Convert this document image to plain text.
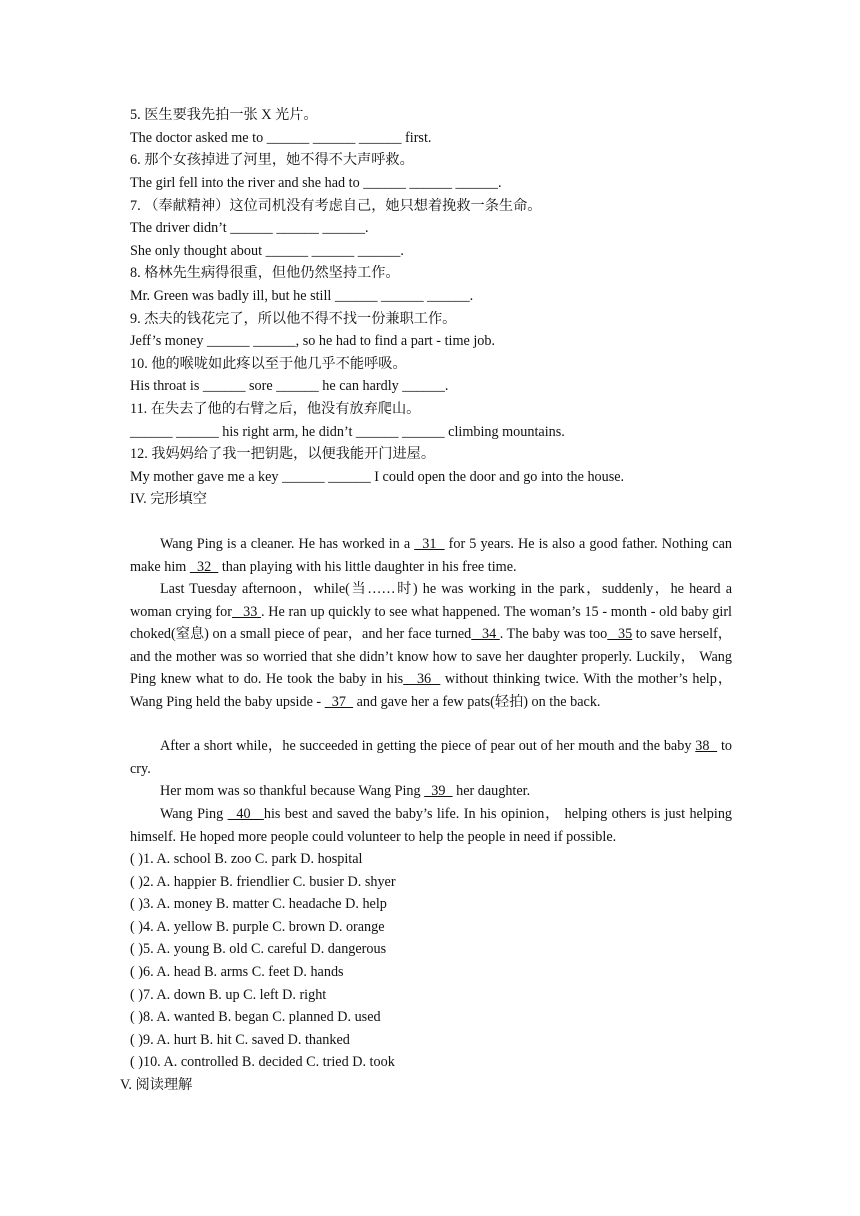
5. 医生要我先拍一张 X 光片。
The doctor asked me to ______ ______ ______ first.
6. 那个女孩掉进了河里，她不得不大声呼救。
The girl fell into the river and she had to ______ ______ ______.
7. （奉献精神）这位司机没有考虑自己，她只想着挽救一条生命。
The driver didn’t ______ ______ ______.
She only thought about ______ ______ ______.
8. 格林先生病得很重，但他仍然坚持工作。
Mr. Green was badly ill, but he still ______ ______ ______.
9. 杰夫的钱花完了，所以他不得不找一份兼职工作。
Jeff’s money ______ ______, so he had to find a part - time job.
10. 他的喉咙如此疼以至于他几乎不能呼吸。
His throat is ______ sore ______ he can hardly ______.
11. 在失去了他的右臂之后，他没有放弃爬山。
______ ______ his right arm, he didn’t ______ ______ climbing mountains.
12. 我妈妈给了我一把钥匙，以便我能开门进屋。
My mother gave me a key ______ ______ I could open the door and go into the house.
IV. 完形填空
Wang Ping is a cleaner. He has worked in a   31   for 5 years. He is also a good father. Nothing can make him   32   than playing with his little daughter in his free time.
Last Tuesday afternoon，while(当……时) he was working in the park，suddenly，he heard a woman crying for   33 . He ran up quickly to see what happened. The woman’s 15 - month - old baby girl choked(窒息) on a small piece of pear，and her face turned   34 . The baby was too   35 to save herself， and the mother was so worried that she didn’t know how to save her daughter properly. Luckily， Wang Ping knew what to do. He took the baby in his   36   without thinking twice. With the mother’s help， Wang Ping held the baby upside -   37   and gave her a few pats(轻拍) on the back.
After a short while，he succeeded in getting the piece of pear out of her mouth and the baby 38   to cry.
Her mom was so thankful because Wang Ping   39   her daughter.
Wang Ping   40   his best and saved the baby’s life. In his opinion， helping others is just helping himself. He hoped more people could volunteer to help the people in need if possible.
( )1. A. school B. zoo C. park D. hospital
( )2. A. happier B. friendlier C. busier D. shyer
( )3. A. money B. matter C. headache D. help
( )4. A. yellow B. purple C. brown D. orange
( )5. A. young B. old C. careful D. dangerous
( )6. A. head B. arms C. feet D. hands
( )7. A. down B. up C. left D. right
( )8. A. wanted B. began C. planned D. used
( )9. A. hurt B. hit C. saved D. thanked
( )10. A. controlled B. decided C. tried D. took
V. 阅读理解
